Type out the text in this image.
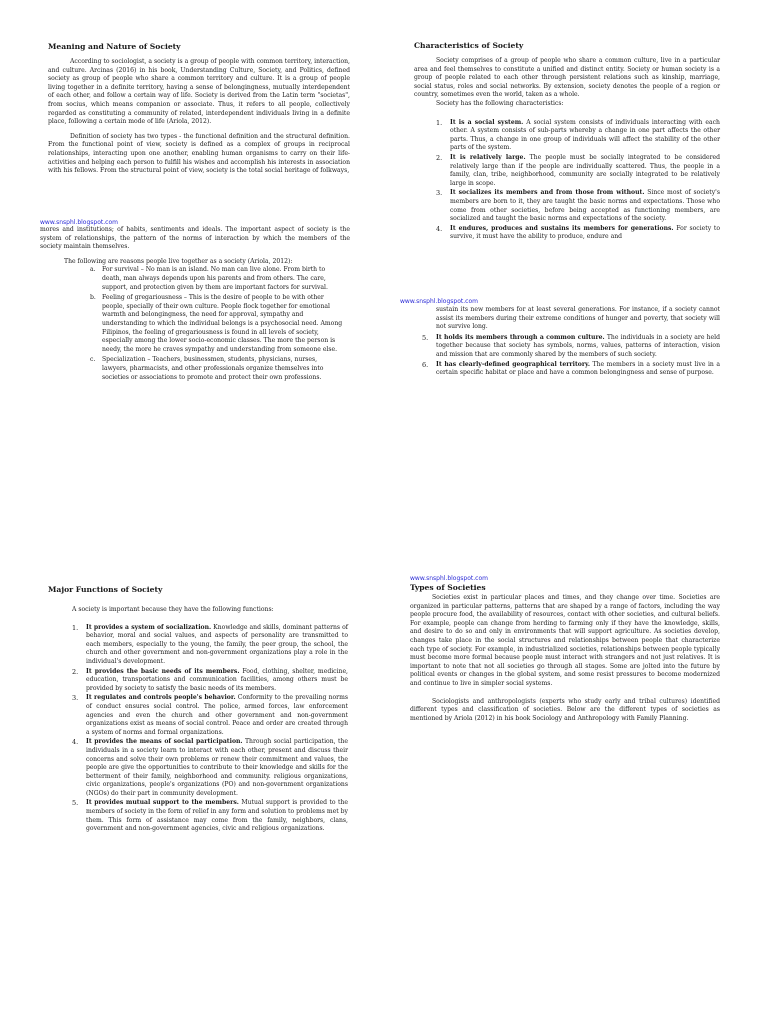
Meaning and Nature of Society

According to sociologist, a society is a group of people with common territory, interaction, and culture. Arcinas (2016) in his book, Understanding Culture, Society, and Politics, defined society as group of people who share a common territory and culture. It is a group of people living together in a definite territory, having a sense of belongingness, mutually interdependent of each other, and follow a certain way of life. Society is derived from the Latin term "societas", from socius, which means companion or associate. Thus, it refers to all people, collectively regarded as constituting a community of related, interdependent individuals living in a definite place, following a certain mode of life (Ariola, 2012).

Definition of society has two types - the functional definition and the structural definition. From the functional point of view, society is defined as a complex of groups in reciprocal relationships, interacting upon one another, enabling human organisms to carry on their life-activities and helping each person to fulfill his wishes and accomplish his interests in association with his fellows. From the structural point of view, society is the total social heritage of folkways,

www.snsphl.blogspot.com

mores and institutions; of habits, sentiments and ideals. The important aspect of society is the system of relationships, the pattern of the norms of interaction by which the members of the society maintain themselves.

The following are reasons people live together as a society (Ariola, 2012):

a. For survival – No man is an island. No man can live alone. From birth to death, man always depends upon his parents and from others. The care, support, and protection given by them are important factors for survival.
b. Feeling of gregariousness – This is the desire of people to be with other people, specially of their own culture. People flock together for emotional warmth and belongingness, the need for approval, sympathy and understanding to which the individual belongs is a psychosocial need. Among Filipinos, the feeling of gregariousness is found in all levels of society, especially among the lower socio-economic classes. The more the person is needy, the more he craves sympathy and understanding from someone else.
c. Specialization – Teachers, businessmen, students, physicians, nurses, lawyers, pharmacists, and other professionals organize themselves into societies or associations to promote and protect their own professions.
Characteristics of Society

Society comprises of a group of people who share a common culture, live in a particular area and feel themselves to constitute a unified and distinct entity. Society or human society is a group of people related to each other through persistent relations such as kinship, marriage, social status, roles and social networks. By extension, society denotes the people of a region or country, sometimes even the world, taken as a whole.

Society has the following characteristics:

1. It is a social system. A social system consists of individuals interacting with each other. A system consists of sub-parts whereby a change in one part affects the other parts. Thus, a change in one group of individuals will affect the stability of the other parts of the system.
2. It is relatively large. The people must be socially integrated to be considered relatively large than if the people are individually scattered. Thus, the people in a family, clan, tribe, neighborhood, community are socially integrated to be relatively large in scope.
3. It socializes its members and from those from without. Since most of society's members are born to it, they are taught the basic norms and expectations. Those who come from other societies, before being accepted as functioning members, are socialized and taught the basic norms and expectations of the society.
4. It endures, produces and sustains its members for generations. For society to survive, it must have the ability to produce, endure and
www.snsphl.blogspot.com

sustain its new members for at least several generations. For instance, if a society cannot assist its members during their extreme conditions of hunger and poverty, that society will not survive long.

5. It holds its members through a common culture. The individuals in a society are held together because that society has symbols, norms, values, patterns of interaction, vision and mission that are commonly shared by the members of such society.
6. It has clearly-defined geographical territory. The members in a society must live in a certain specific habitat or place and have a common belongingness and sense of purpose.
Major Functions of Society

A society is important because they have the following functions:

1. It provides a system of socialization. Knowledge and skills, dominant patterns of behavior, moral and social values, and aspects of personality are transmitted to each members, especially to the young, the family, the peer group, the school, the church and other government and non-government organizations play a role in the individual's development.
2. It provides the basic needs of its members. Food, clothing, shelter, medicine, education, transportations and communication facilities, among others must be provided by society to satisfy the basic needs of its members.
3. It regulates and controls people's behavior. Conformity to the prevailing norms of conduct ensures social control. The police, armed forces, law enforcement agencies and even the church and other government and non-government organizations exist as means of social control. Peace and order are created through a system of norms and formal organizations.
4. It provides the means of social participation. Through social participation, the individuals in a society learn to interact with each other, present and discuss their concerns and solve their own problems or renew their commitment and values, the people are give the opportunities to contribute to their knowledge and skills for the betterment of their family, neighborhood and community. religious organizations, civic organizations, people's organizations (PO) and non-government organizations (NGOs) do their part in community development.
5. It provides mutual support to the members. Mutual support is provided to the members of society in the form of relief in any form and solution to problems met by them. This form of assistance may come from the family, neighbors, clans, government and non-government agencies, civic and religious organizations.
www.snsphl.blogspot.com
Types of Societies

Societies exist in particular places and times, and they change over time. Societies are organized in particular patterns, patterns that are shaped by a range of factors, including the way people procure food, the availability of resources, contact with other societies, and cultural beliefs. For example, people can change from herding to farming only if they have the knowledge, skills, and desire to do so and only in environments that will support agriculture. As societies develop, changes take place in the social structures and relationships between people that characterize each type of society. For example, in industrialized societies, relationships between people typically must become more formal because people must interact with strangers and not just relatives. It is important to note that not all societies go through all stages. Some are jolted into the future by political events or changes in the global system, and some resist pressures to become modernized and continue to live in simpler social systems.

Sociologists and anthropologists (experts who study early and tribal cultures) identified different types and classification of societies. Below are the different types of societies as mentioned by Ariola (2012) in his book Sociology and Anthropology with Family Planning.
